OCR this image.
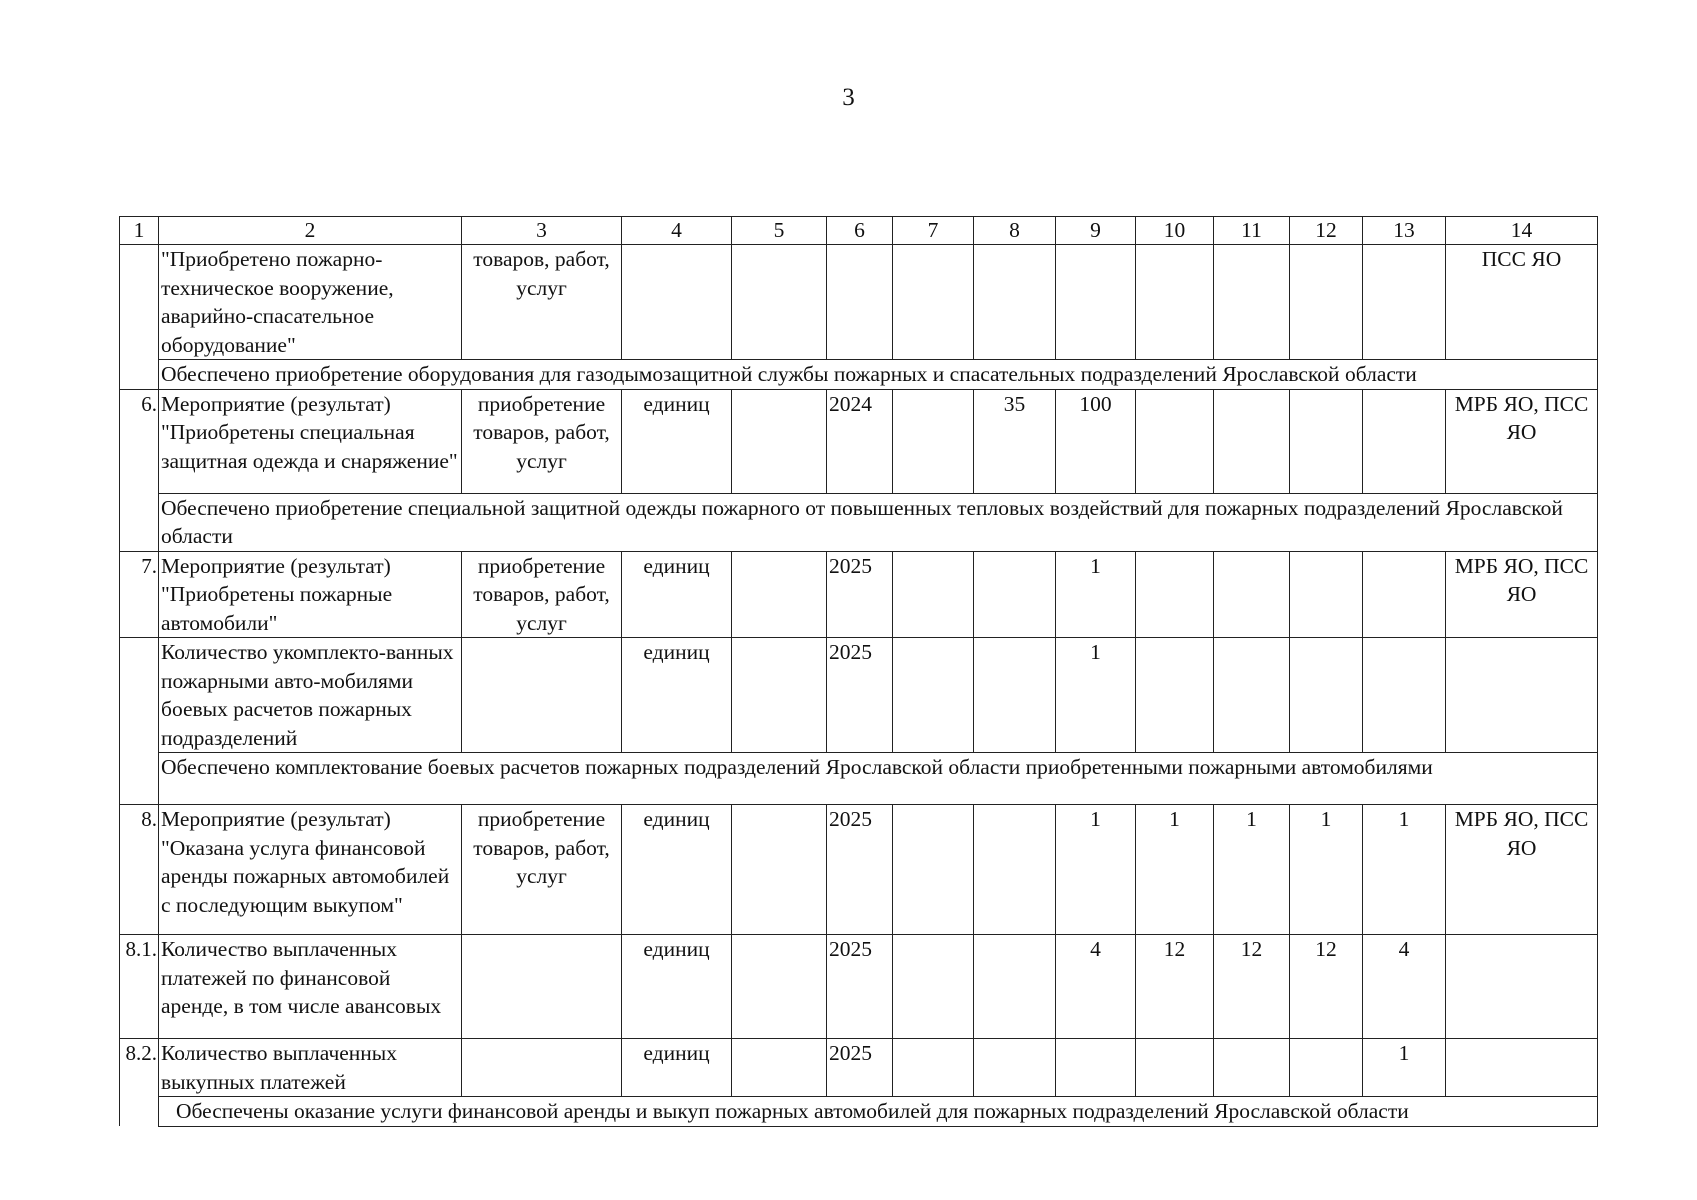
3
1	2	3	4	5	6	7	8	9	10	11	12	13	14
	"Приобретено пожарно-техническое вооружение, аварийно-спасательное оборудование"	товаров, работ, услуг											ПСС ЯО
	Обеспечено приобретение оборудования для газодымозащитной службы пожарных и спасательных подразделений Ярославской области												
6.	Мероприятие (результат) "Приобретены специальная защитная одежда и снаряжение"	приобретение товаров, работ, услуг	единиц		2024		35	100					МРБ ЯО, ПСС ЯО
	Обеспечено приобретение специальной защитной одежды пожарного от повышенных тепловых воздействий для пожарных подразделений Ярославской области												
7.	Мероприятие (результат) "Приобретены пожарные автомобили"	приобретение товаров, работ, услуг	единиц		2025			1					МРБ ЯО, ПСС ЯО
	Количество укомплекто-ванных пожарными авто-мобилями боевых расчетов пожарных подразделений		единиц		2025			1					
	Обеспечено комплектование боевых расчетов пожарных подразделений Ярославской области приобретенными пожарными автомобилями												
8.	Мероприятие (результат) "Оказана услуга финансовой аренды пожарных автомобилей с последующим выкупом"	приобретение товаров, работ, услуг	единиц		2025			1	1	1	1	1	МРБ ЯО, ПСС ЯО
8.1.	Количество выплаченных платежей по финансовой аренде, в том числе авансовых		единиц		2025			4	12	12	12	4	
8.2.	Количество выплаченных выкупных платежей		единиц		2025							1	
	Обеспечены оказание услуги финансовой аренды и выкуп пожарных автомобилей для пожарных подразделений Ярославской области												
